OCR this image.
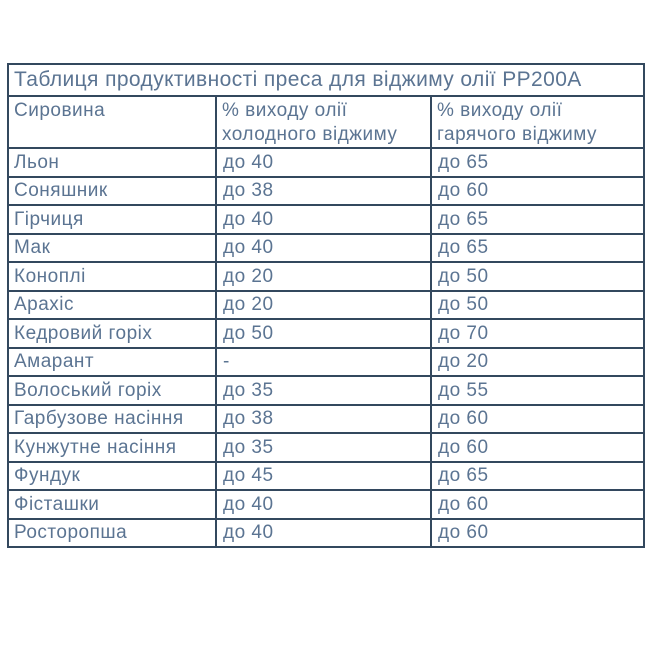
Таблиця продуктивності преса для віджиму олії PP200A		
Сировина	% виходу олії холодного віджиму	% виходу олії гарячого віджиму
Льон	до 40	до 65
Соняшник	до 38	до 60
Гірчиця	до 40	до 65
Мак	до 40	до 65
Коноплі	до 20	до 50
Арахіс	до 20	до 50
Кедровий горіх	до 50	до 70
Амарант	-	до 20
Волоський горіх	до 35	до 55
Гарбузове насіння	до 38	до 60
Кунжутне насіння	до 35	до 60
Фундук	до 45	до 65
Фісташки	до 40	до 60
Росторопша	до 40	до 60
